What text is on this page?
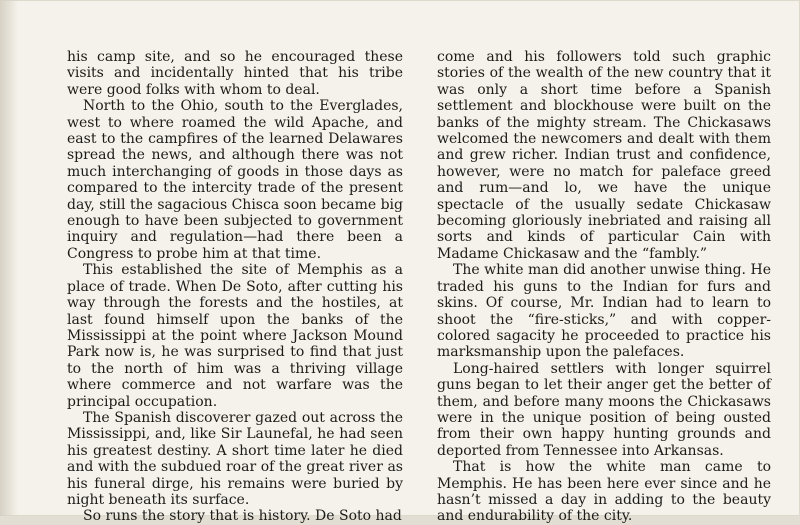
his camp site, and so he encouraged these visits and incidentally hinted that his tribe were good folks with whom to deal.

North to the Ohio, south to the Everglades, west to where roamed the wild Apache, and east to the campfires of the learned Delawares spread the news, and although there was not much interchanging of goods in those days as compared to the intercity trade of the present day, still the sagacious Chisca soon became big enough to have been subjected to government inquiry and regulation—had there been a Congress to probe him at that time.

This established the site of Memphis as a place of trade. When De Soto, after cutting his way through the forests and the hostiles, at last found himself upon the banks of the Mississippi at the point where Jackson Mound Park now is, he was surprised to find that just to the north of him was a thriving village where commerce and not warfare was the principal occupation.

The Spanish discoverer gazed out across the Mississippi, and, like Sir Launefal, he had seen his greatest destiny. A short time later he died and with the subdued roar of the great river as his funeral dirge, his remains were buried by night beneath its surface.

So runs the story that is history. De Soto had

come and his followers told such graphic stories of the wealth of the new country that it was only a short time before a Spanish settlement and blockhouse were built on the banks of the mighty stream. The Chickasaws welcomed the newcomers and dealt with them and grew richer. Indian trust and confidence, however, were no match for paleface greed and rum—and lo, we have the unique spectacle of the usually sedate Chickasaw becoming gloriously inebriated and raising all sorts and kinds of particular Cain with Madame Chickasaw and the “fambly.”

The white man did another unwise thing. He traded his guns to the Indian for furs and skins. Of course, Mr. Indian had to learn to shoot the “fire-sticks,” and with copper-colored sagacity he proceeded to practice his marksmanship upon the palefaces.

Long-haired settlers with longer squirrel guns began to let their anger get the better of them, and before many moons the Chickasaws were in the unique position of being ousted from their own happy hunting grounds and deported from Tennessee into Arkansas.

That is how the white man came to Memphis. He has been here ever since and he hasn’t missed a day in adding to the beauty and endurability of the city.
